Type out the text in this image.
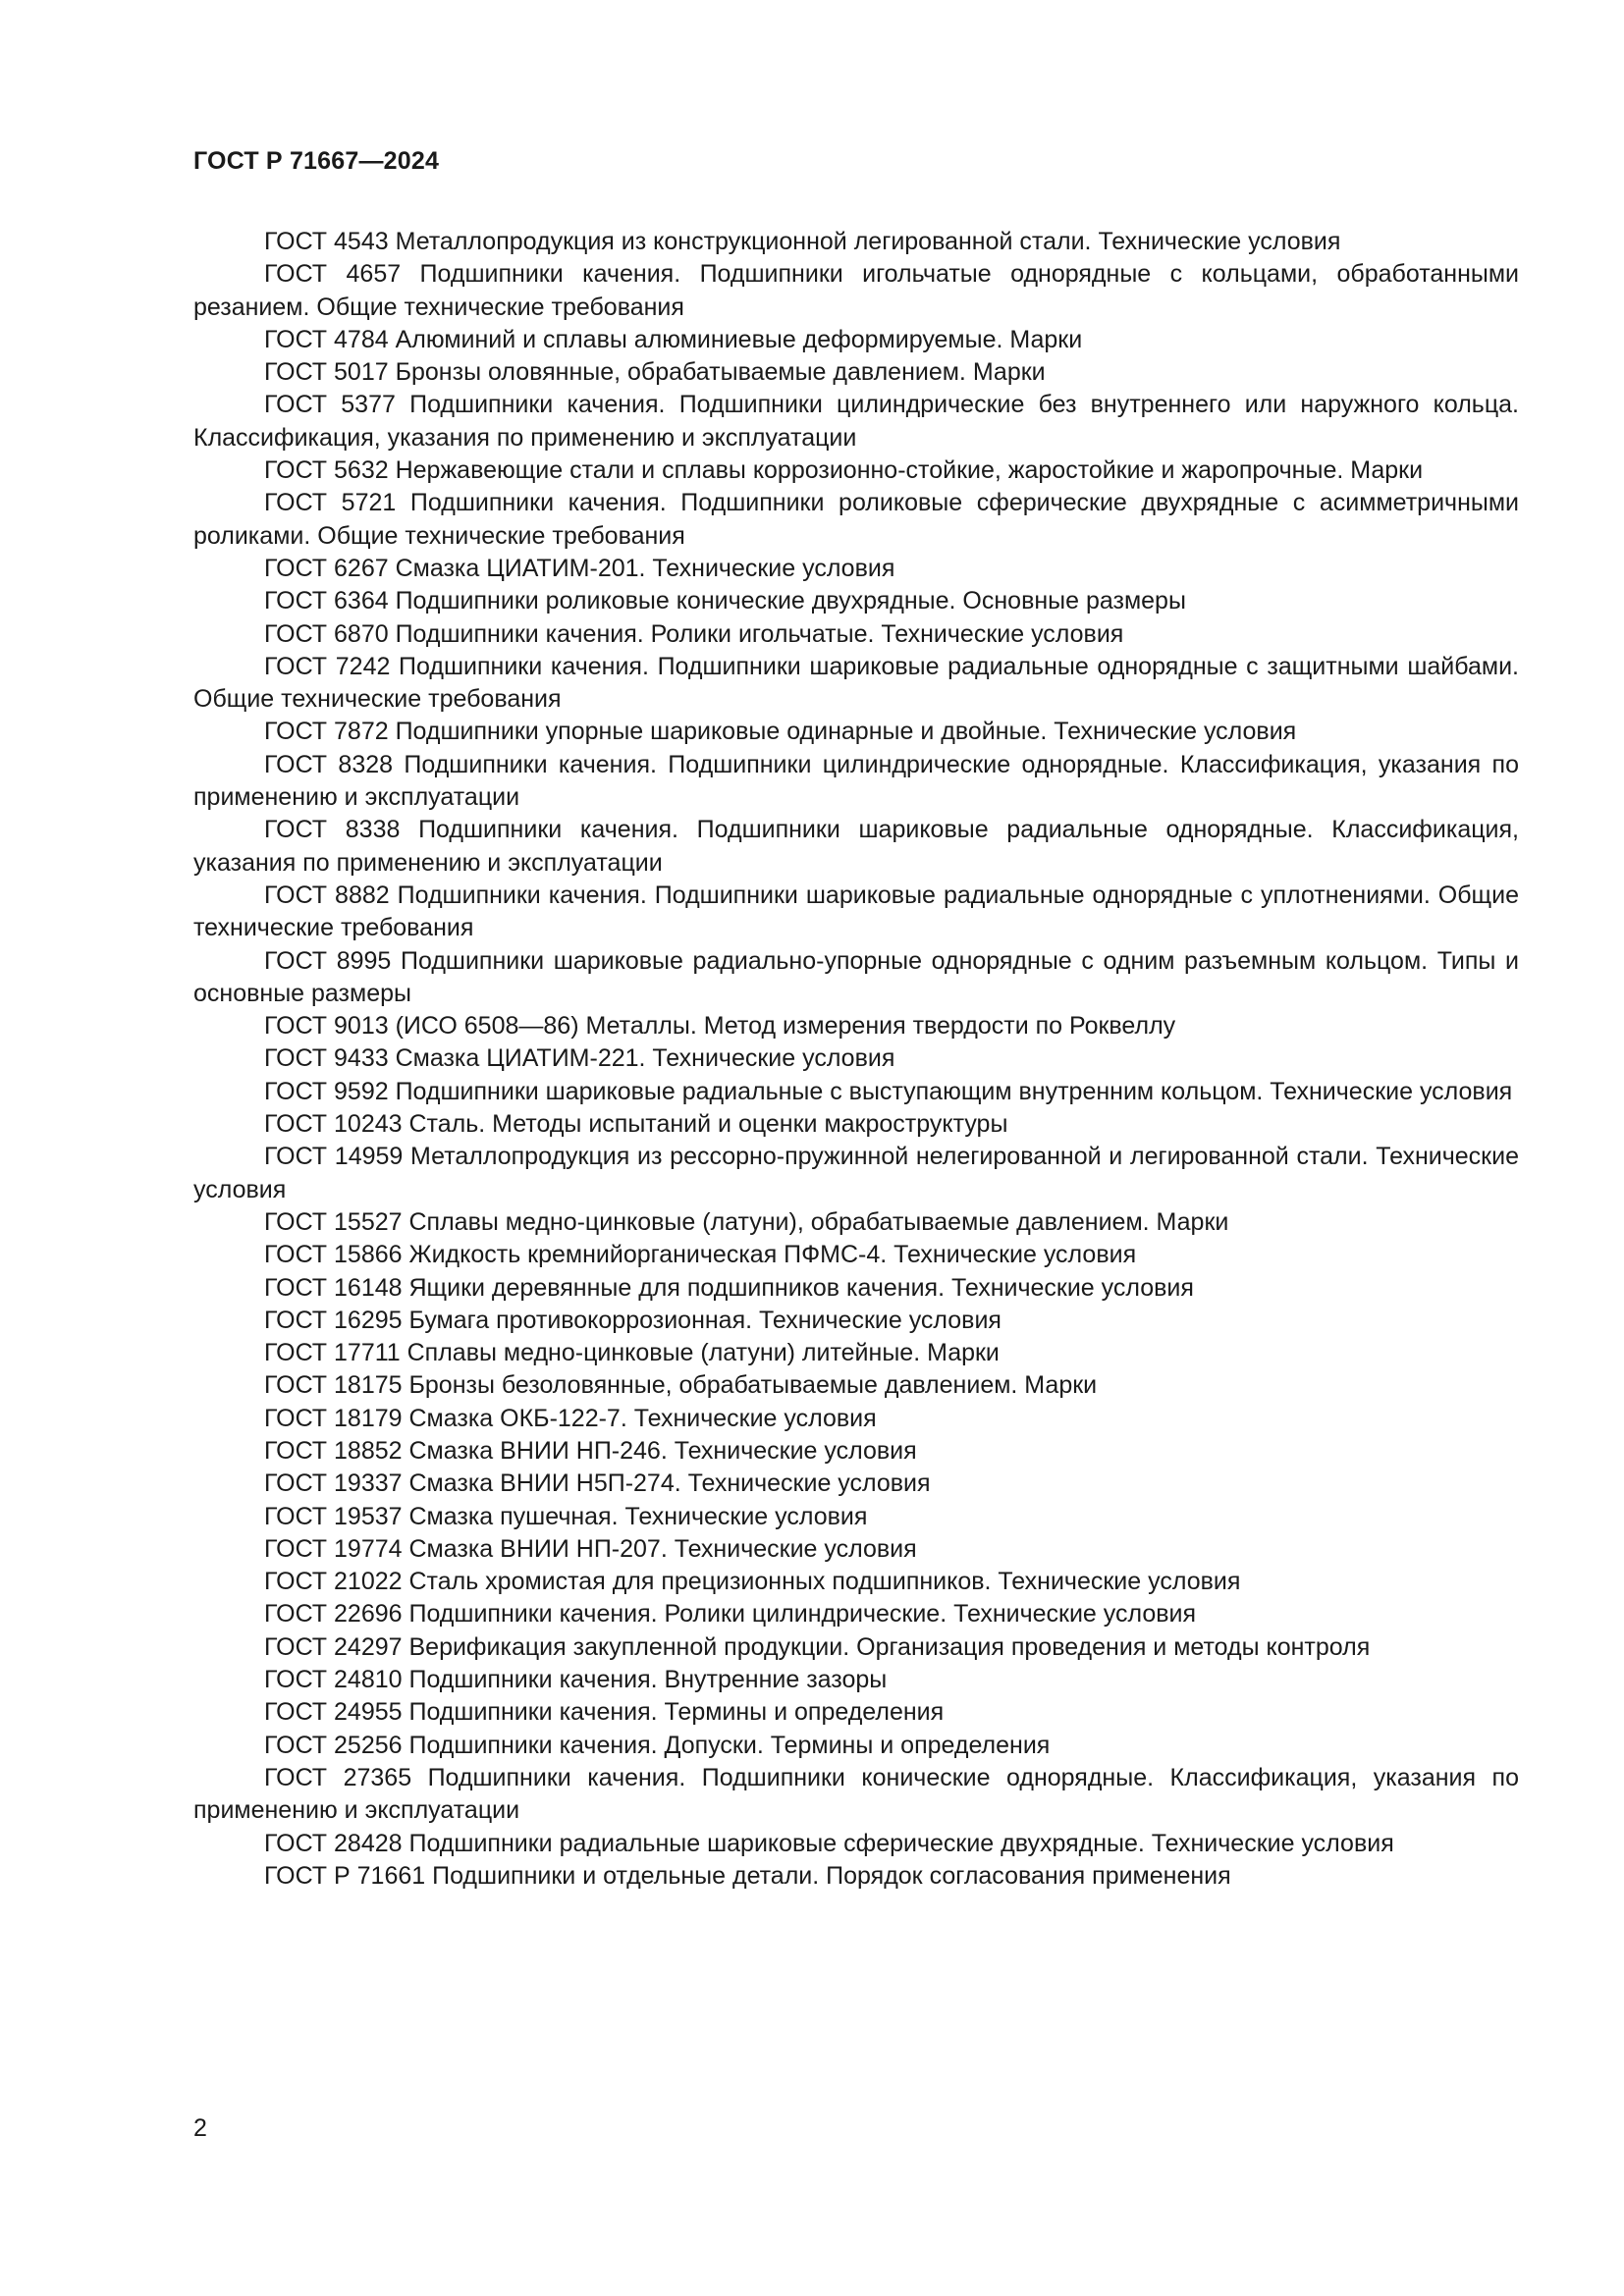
ГОСТ Р 71667—2024

ГОСТ 4543 Металлопродукция из конструкционной легированной стали. Технические условия

ГОСТ 4657 Подшипники качения. Подшипники игольчатые однорядные с кольцами, обработанными резанием. Общие технические требования

ГОСТ 4784 Алюминий и сплавы алюминиевые деформируемые. Марки

ГОСТ 5017 Бронзы оловянные, обрабатываемые давлением. Марки

ГОСТ 5377 Подшипники качения. Подшипники цилиндрические без внутреннего или наружного кольца. Классификация, указания по применению и эксплуатации

ГОСТ 5632 Нержавеющие стали и сплавы коррозионно-стойкие, жаростойкие и жаропрочные. Марки

ГОСТ 5721 Подшипники качения. Подшипники роликовые сферические двухрядные с асимметричными роликами. Общие технические требования

ГОСТ 6267 Смазка ЦИАТИМ-201. Технические условия

ГОСТ 6364 Подшипники роликовые конические двухрядные. Основные размеры

ГОСТ 6870 Подшипники качения. Ролики игольчатые. Технические условия

ГОСТ 7242 Подшипники качения. Подшипники шариковые радиальные однорядные с защитными шайбами. Общие технические требования

ГОСТ 7872 Подшипники упорные шариковые одинарные и двойные. Технические условия

ГОСТ 8328 Подшипники качения. Подшипники цилиндрические однорядные. Классификация, указания по применению и эксплуатации

ГОСТ 8338 Подшипники качения. Подшипники шариковые радиальные однорядные. Классификация, указания по применению и эксплуатации

ГОСТ 8882 Подшипники качения. Подшипники шариковые радиальные однорядные с уплотнениями. Общие технические требования

ГОСТ 8995 Подшипники шариковые радиально-упорные однорядные с одним разъемным кольцом. Типы и основные размеры

ГОСТ 9013 (ИСО 6508—86) Металлы. Метод измерения твердости по Роквеллу

ГОСТ 9433 Смазка ЦИАТИМ-221. Технические условия

ГОСТ 9592 Подшипники шариковые радиальные с выступающим внутренним кольцом. Технические условия

ГОСТ 10243 Сталь. Методы испытаний и оценки макроструктуры

ГОСТ 14959 Металлопродукция из рессорно-пружинной нелегированной и легированной стали. Технические условия

ГОСТ 15527 Сплавы медно-цинковые (латуни), обрабатываемые давлением. Марки

ГОСТ 15866 Жидкость кремнийорганическая ПФМС-4. Технические условия

ГОСТ 16148 Ящики деревянные для подшипников качения. Технические условия

ГОСТ 16295 Бумага противокоррозионная. Технические условия

ГОСТ 17711 Сплавы медно-цинковые (латуни) литейные. Марки

ГОСТ 18175 Бронзы безоловянные, обрабатываемые давлением. Марки

ГОСТ 18179 Смазка ОКБ-122-7. Технические условия

ГОСТ 18852 Смазка ВНИИ НП-246. Технические условия

ГОСТ 19337 Смазка ВНИИ Н5П-274. Технические условия

ГОСТ 19537 Смазка пушечная. Технические условия

ГОСТ 19774 Смазка ВНИИ НП-207. Технические условия

ГОСТ 21022 Сталь хромистая для прецизионных подшипников. Технические условия

ГОСТ 22696 Подшипники качения. Ролики цилиндрические. Технические условия

ГОСТ 24297 Верификация закупленной продукции. Организация проведения и методы контроля

ГОСТ 24810 Подшипники качения. Внутренние зазоры

ГОСТ 24955 Подшипники качения. Термины и определения

ГОСТ 25256 Подшипники качения. Допуски. Термины и определения

ГОСТ 27365 Подшипники качения. Подшипники конические однорядные. Классификация, указания по применению и эксплуатации

ГОСТ 28428 Подшипники радиальные шариковые сферические двухрядные. Технические условия

ГОСТ Р 71661 Подшипники и отдельные детали. Порядок согласования применения

2
